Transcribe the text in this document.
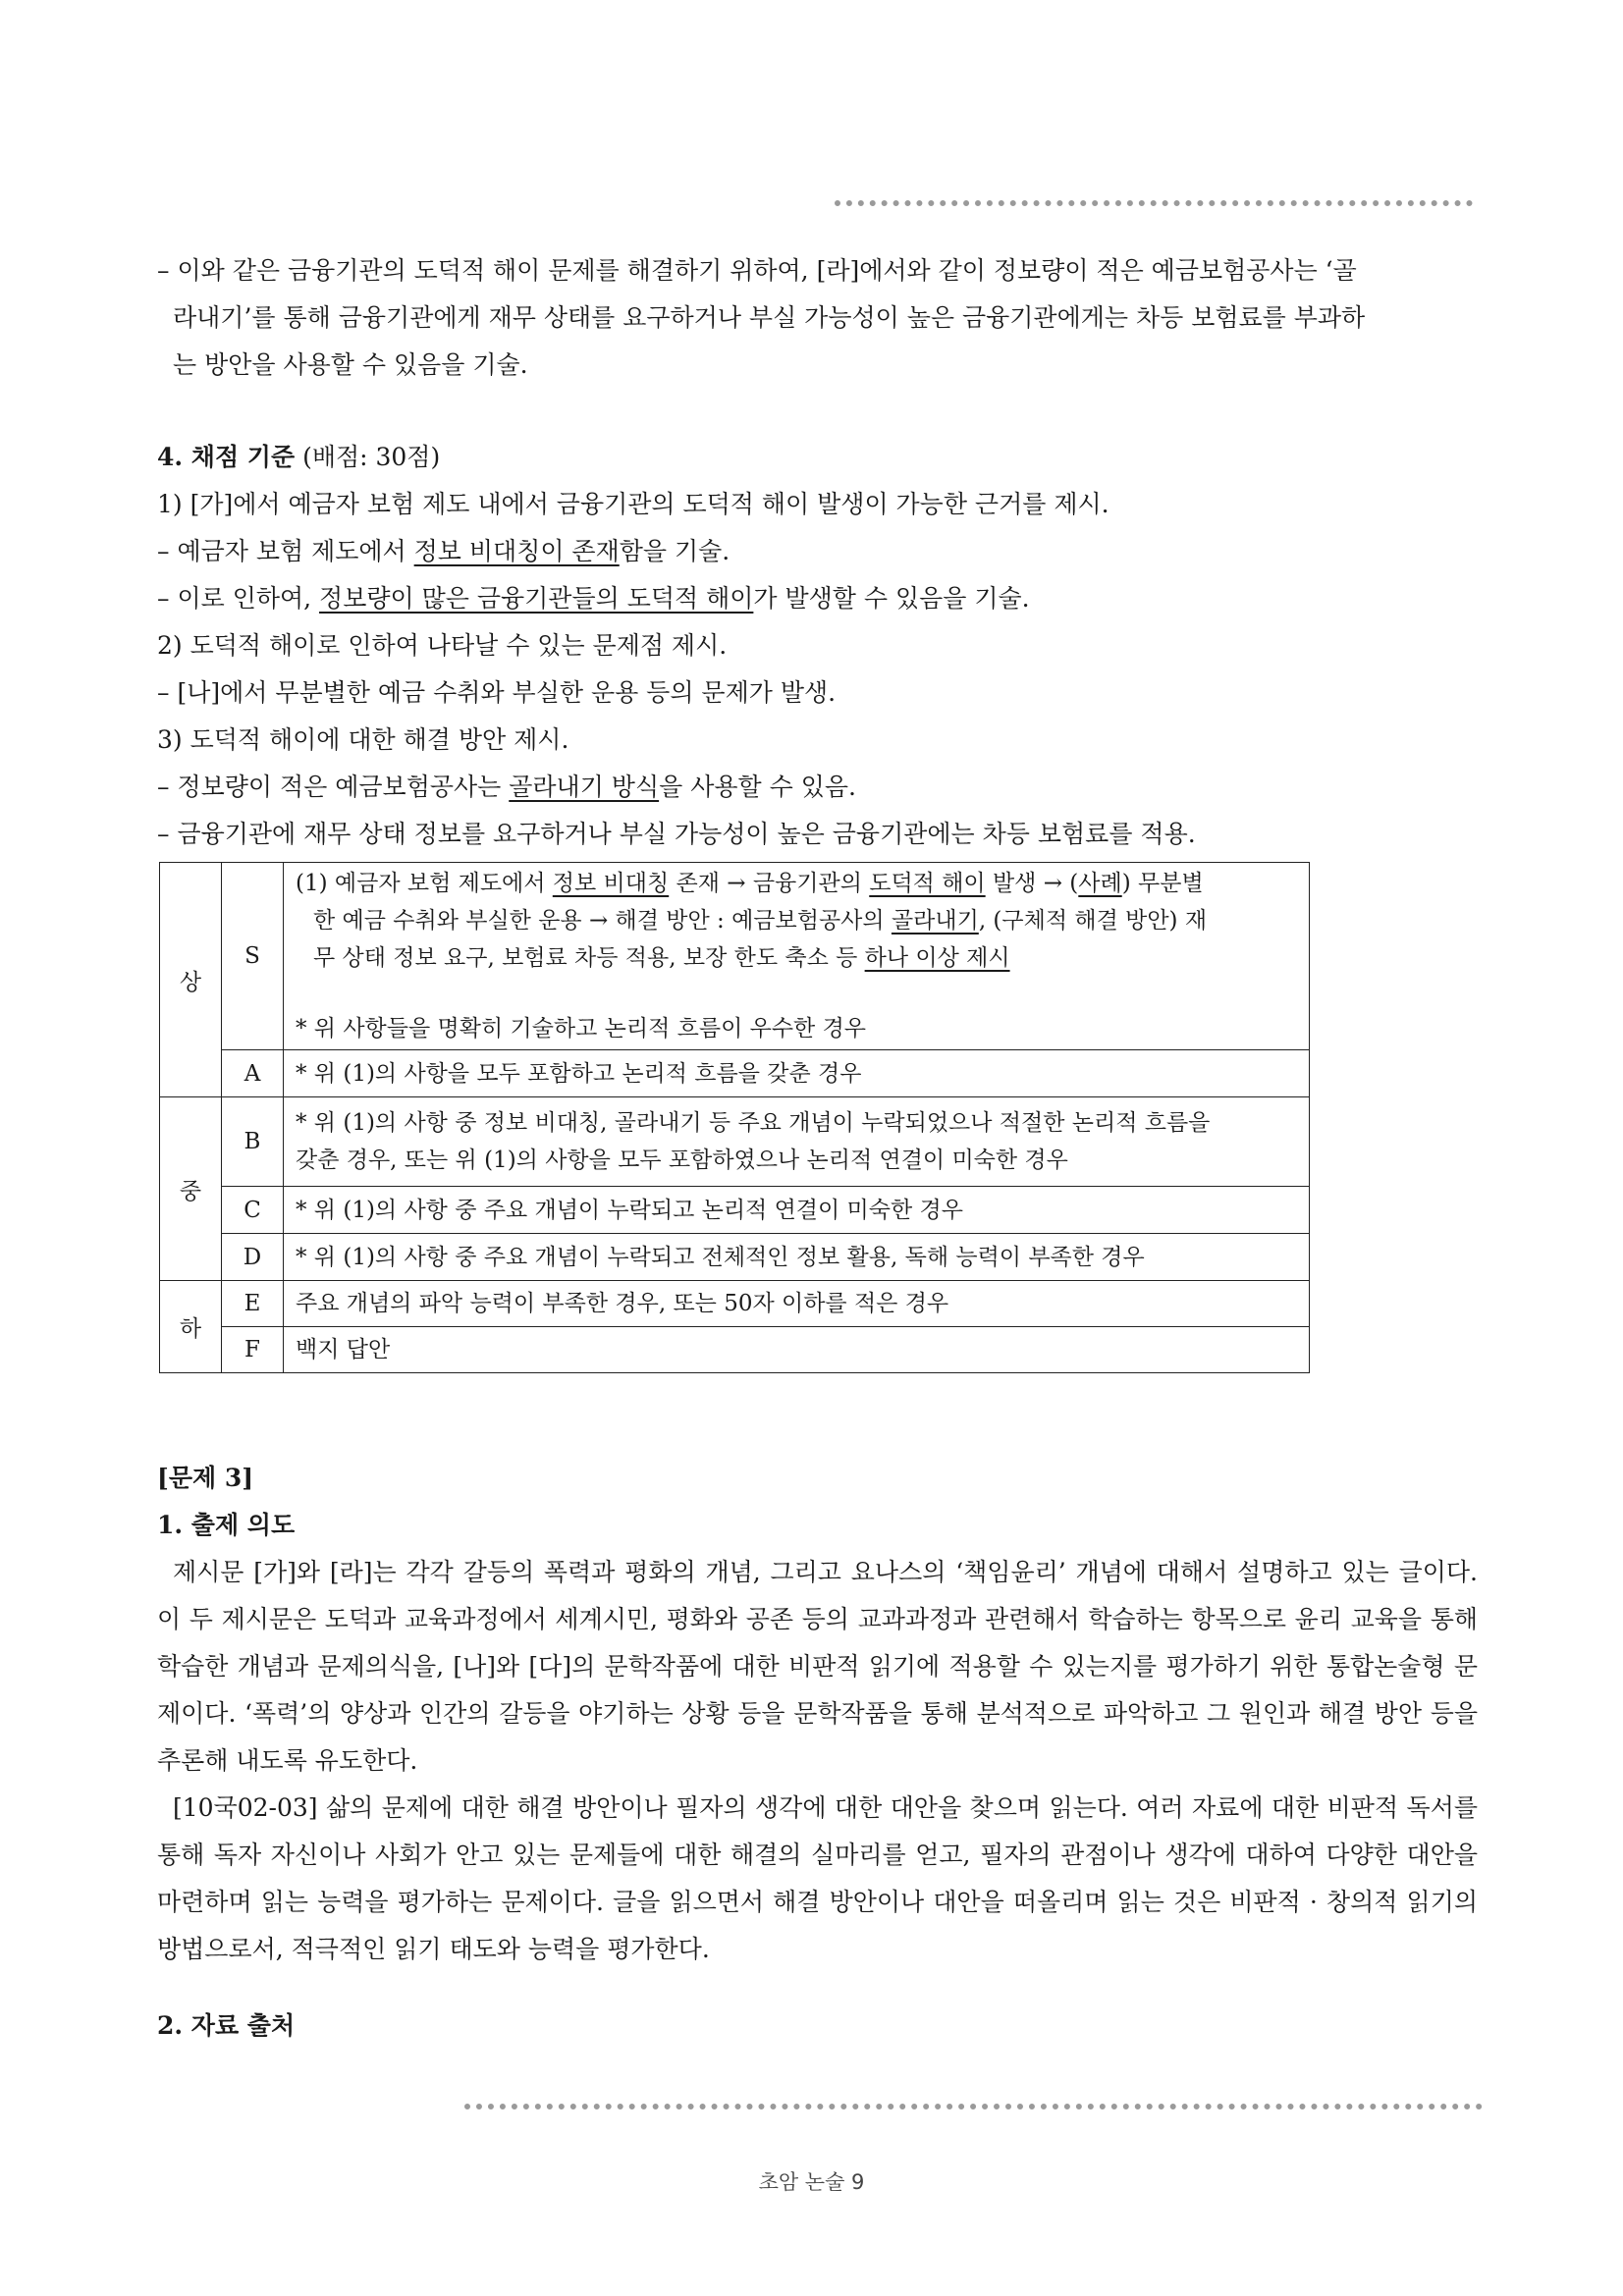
– 이와 같은 금융기관의 도덕적 해이 문제를 해결하기 위하여, [라]에서와 같이 정보량이 적은 예금보험공사는 ‘골
라내기’를 통해 금융기관에게 재무 상태를 요구하거나 부실 가능성이 높은 금융기관에게는 차등 보험료를 부과하
는 방안을 사용할 수 있음을 기술.
4. 채점 기준 (배점: 30점)
1) [가]에서 예금자 보험 제도 내에서 금융기관의 도덕적 해이 발생이 가능한 근거를 제시.
– 예금자 보험 제도에서 정보 비대칭이 존재함을 기술.
– 이로 인하여, 정보량이 많은 금융기관들의 도덕적 해이가 발생할 수 있음을 기술.
2) 도덕적 해이로 인하여 나타날 수 있는 문제점 제시.
– [나]에서 무분별한 예금 수취와 부실한 운용 등의 문제가 발생.
3) 도덕적 해이에 대한 해결 방안 제시.
– 정보량이 적은 예금보험공사는 골라내기 방식을 사용할 수 있음.
– 금융기관에 재무 상태 정보를 요구하거나 부실 가능성이 높은 금융기관에는 차등 보험료를 적용.
상	S	(1) 예금자 보험 제도에서 정보 비대칭 존재 → 금융기관의 도덕적 해이 발생 → (사례) 무분별
한 예금 수취와 부실한 운용 → 해결 방안 : 예금보험공사의 골라내기, (구체적 해결 방안) 재
무 상태 정보 요구, 보험료 차등 적용, 보장 한도 축소 등 하나 이상 제시
* 위 사항들을 명확히 기술하고 논리적 흐름이 우수한 경우

	A	* 위 (1)의 사항을 모두 포함하고 논리적 흐름을 갖춘 경우
중	B	* 위 (1)의 사항 중 정보 비대칭, 골라내기 등 주요 개념이 누락되었으나 적절한 논리적 흐름을
갖춘 경우, 또는 위 (1)의 사항을 모두 포함하였으나 논리적 연결이 미숙한 경우

	C	* 위 (1)의 사항 중 주요 개념이 누락되고 논리적 연결이 미숙한 경우
	D	* 위 (1)의 사항 중 주요 개념이 누락되고 전체적인 정보 활용, 독해 능력이 부족한 경우
하	E	주요 개념의 파악 능력이 부족한 경우, 또는 50자 이하를 적은 경우
	F	백지 답안
[문제 3]
1. 출제 의도
제시문 [가]와 [라]는 각각 갈등의 폭력과 평화의 개념, 그리고 요나스의 ‘책임윤리’ 개념에 대해서 설명하고 있는 글이다. 이 두 제시문은 도덕과 교육과정에서 세계시민, 평화와 공존 등의 교과과정과 관련해서 학습하는 항목으로 윤리 교육을 통해 학습한 개념과 문제의식을, [나]와 [다]의 문학작품에 대한 비판적 읽기에 적용할 수 있는지를 평가하기 위한 통합논술형 문제이다. ‘폭력’의 양상과 인간의 갈등을 야기하는 상황 등을 문학작품을 통해 분석적으로 파악하고 그 원인과 해결 방안 등을 추론해 내도록 유도한다.
[10국02-03] 삶의 문제에 대한 해결 방안이나 필자의 생각에 대한 대안을 찾으며 읽는다. 여러 자료에 대한 비판적 독서를 통해 독자 자신이나 사회가 안고 있는 문제들에 대한 해결의 실마리를 얻고, 필자의 관점이나 생각에 대하여 다양한 대안을 마련하며 읽는 능력을 평가하는 문제이다. 글을 읽으면서 해결 방안이나 대안을 떠올리며 읽는 것은 비판적 · 창의적 읽기의 방법으로서, 적극적인 읽기 태도와 능력을 평가한다.
2. 자료 출처
초암 논술 9
